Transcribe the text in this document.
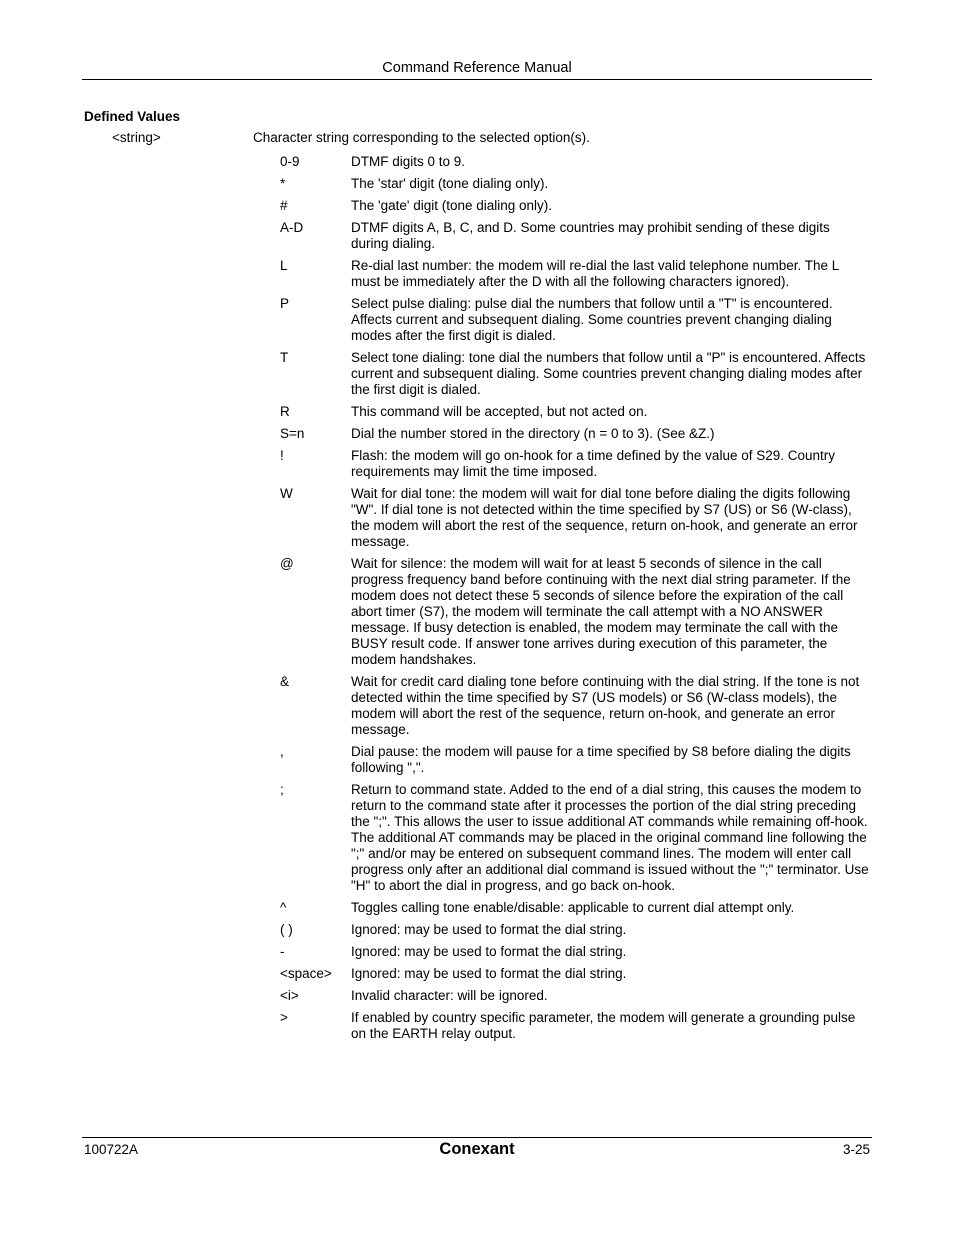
Command Reference Manual
Defined Values
<string>	Character string corresponding to the selected option(s).
0-9	DTMF digits 0 to 9.
*	The 'star' digit (tone dialing only).
#	The 'gate' digit (tone dialing only).
A-D	DTMF digits A, B, C, and D. Some countries may prohibit sending of these digits during dialing.
L	Re-dial last number: the modem will re-dial the last valid telephone number. The L must be immediately after the D with all the following characters ignored).
P	Select pulse dialing: pulse dial the numbers that follow until a "T" is encountered. Affects current and subsequent dialing. Some countries prevent changing dialing modes after the first digit is dialed.
T	Select tone dialing: tone dial the numbers that follow until a "P" is encountered. Affects current and subsequent dialing. Some countries prevent changing dialing modes after the first digit is dialed.
R	This command will be accepted, but not acted on.
S=n	Dial the number stored in the directory (n = 0 to 3). (See &Z.)
!	Flash: the modem will go on-hook for a time defined by the value of S29. Country requirements may limit the time imposed.
W	Wait for dial tone: the modem will wait for dial tone before dialing the digits following "W". If dial tone is not detected within the time specified by S7 (US) or S6 (W-class), the modem will abort the rest of the sequence, return on-hook, and generate an error message.
@	Wait for silence: the modem will wait for at least 5 seconds of silence in the call progress frequency band before continuing with the next dial string parameter. If the modem does not detect these 5 seconds of silence before the expiration of the call abort timer (S7), the modem will terminate the call attempt with a NO ANSWER message. If busy detection is enabled, the modem may terminate the call with the BUSY result code. If answer tone arrives during execution of this parameter, the modem handshakes.
&	Wait for credit card dialing tone before continuing with the dial string. If the tone is not detected within the time specified by S7 (US models) or S6 (W-class models), the modem will abort the rest of the sequence, return on-hook, and generate an error message.
,	Dial pause: the modem will pause for a time specified by S8 before dialing the digits following ",".
;	Return to command state. Added to the end of a dial string, this causes the modem to return to the command state after it processes the portion of the dial string preceding the ";". This allows the user to issue additional AT commands while remaining off-hook. The additional AT commands may be placed in the original command line following the ";" and/or may be entered on subsequent command lines. The modem will enter call progress only after an additional dial command is issued without the ";" terminator. Use "H" to abort the dial in progress, and go back on-hook.
^	Toggles calling tone enable/disable: applicable to current dial attempt only.
( )	Ignored: may be used to format the dial string.
-	Ignored: may be used to format the dial string.
<space>	Ignored: may be used to format the dial string.
<i>	Invalid character: will be ignored.
>	If enabled by country specific parameter, the modem will generate a grounding pulse on the EARTH relay output.
100722A	Conexant	3-25
